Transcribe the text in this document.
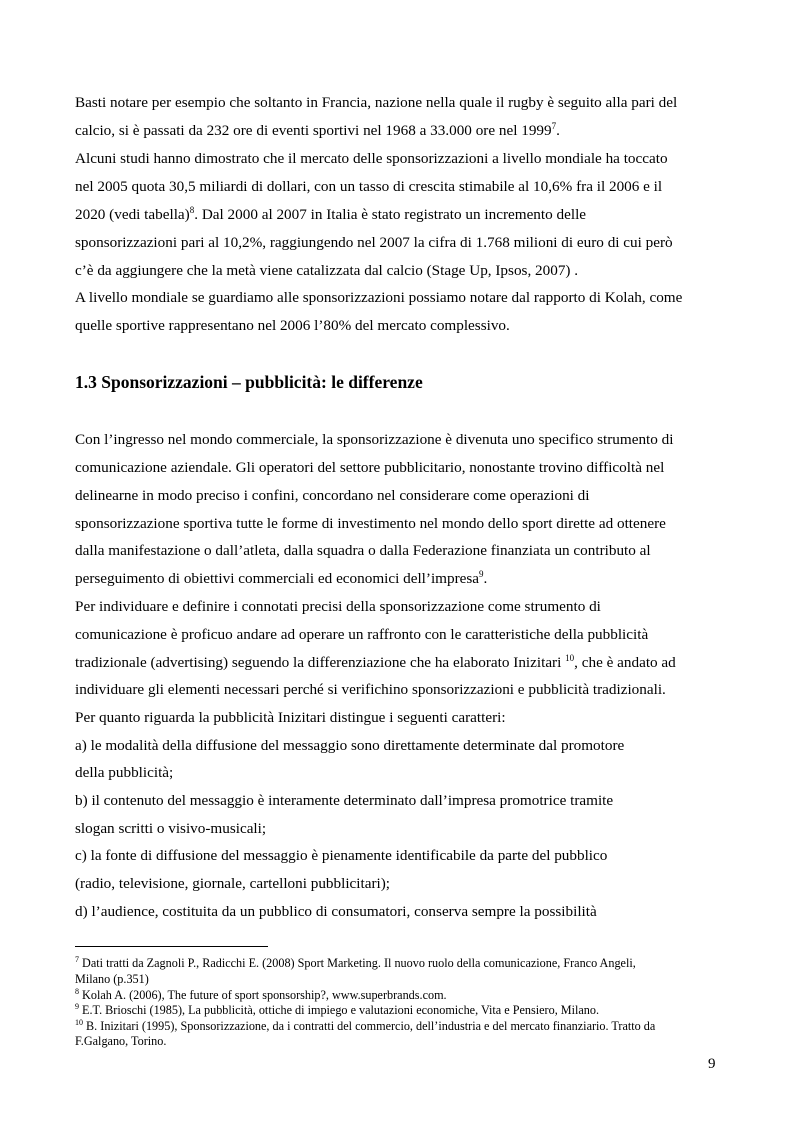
Basti notare per esempio che soltanto in Francia, nazione nella quale il rugby è seguito alla pari del
calcio, si è passati da 232 ore di eventi sportivi nel 1968 a 33.000 ore nel 1999$^7$.
Alcuni studi hanno dimostrato che il mercato delle sponsorizzazioni a livello mondiale ha toccato
nel 2005 quota 30,5 miliardi di dollari, con un tasso di crescita stimabile al 10,6% fra il 2006 e il
2020 (vedi tabella)$^8$. Dal 2000 al 2007 in Italia è stato registrato un incremento delle
sponsorizzazioni pari al 10,2%, raggiungendo nel 2007 la cifra di 1.768 milioni di euro di cui però
c’è da aggiungere che la metà viene catalizzata dal calcio (Stage Up, Ipsos, 2007) .
A livello mondiale se guardiamo alle sponsorizzazioni possiamo notare dal rapporto di Kolah, come
quelle sportive rappresentano nel 2006 l’80% del mercato complessivo.
1.3 Sponsorizzazioni – pubblicità: le differenze
Con l’ingresso nel mondo commerciale, la sponsorizzazione è divenuta uno specifico strumento di
comunicazione aziendale. Gli operatori del settore pubblicitario, nonostante trovino difficoltà nel
delinearne in modo preciso i confini, concordano nel considerare come operazioni di
sponsorizzazione sportiva tutte le forme di investimento nel mondo dello sport dirette ad ottenere
dalla manifestazione o dall’atleta, dalla squadra o dalla Federazione finanziata un contributo al
perseguimento di obiettivi commerciali ed economici dell’impresa$^9$.
Per individuare e definire i connotati precisi della sponsorizzazione come strumento di
comunicazione è proficuo andare ad operare un raffronto con le caratteristiche della pubblicità
tradizionale (advertising) seguendo la differenziazione che ha elaborato Inizitari $^{10}$, che è andato ad
individuare gli elementi necessari perché si verifichino sponsorizzazioni e pubblicità tradizionali.
Per quanto riguarda la pubblicità Inizitari distingue i seguenti caratteri:
a) le modalità della diffusione del messaggio sono direttamente determinate dal promotore
della pubblicità;
b) il contenuto del messaggio è interamente determinato dall’impresa promotrice tramite
slogan scritti o visivo-musicali;
c) la fonte di diffusione del messaggio è pienamente identificabile da parte del pubblico
(radio, televisione, giornale, cartelloni pubblicitari);
d) l’audience, costituita da un pubblico di consumatori, conserva sempre la possibilità
$^7$ Dati tratti da Zagnoli P., Radicchi E. (2008) Sport Marketing. Il nuovo ruolo della comunicazione, Franco Angeli,
Milano (p.351)
$^8$ Kolah A. (2006), The future of sport sponsorship?, www.superbrands.com.
$^9$ E.T. Brioschi (1985), La pubblicità, ottiche di impiego e valutazioni economiche, Vita e Pensiero, Milano.
$^{10}$ B. Inizitari (1995), Sponsorizzazione, da i contratti del commercio, dell’industria e del mercato finanziario. Tratto da
F.Galgano, Torino.
9
